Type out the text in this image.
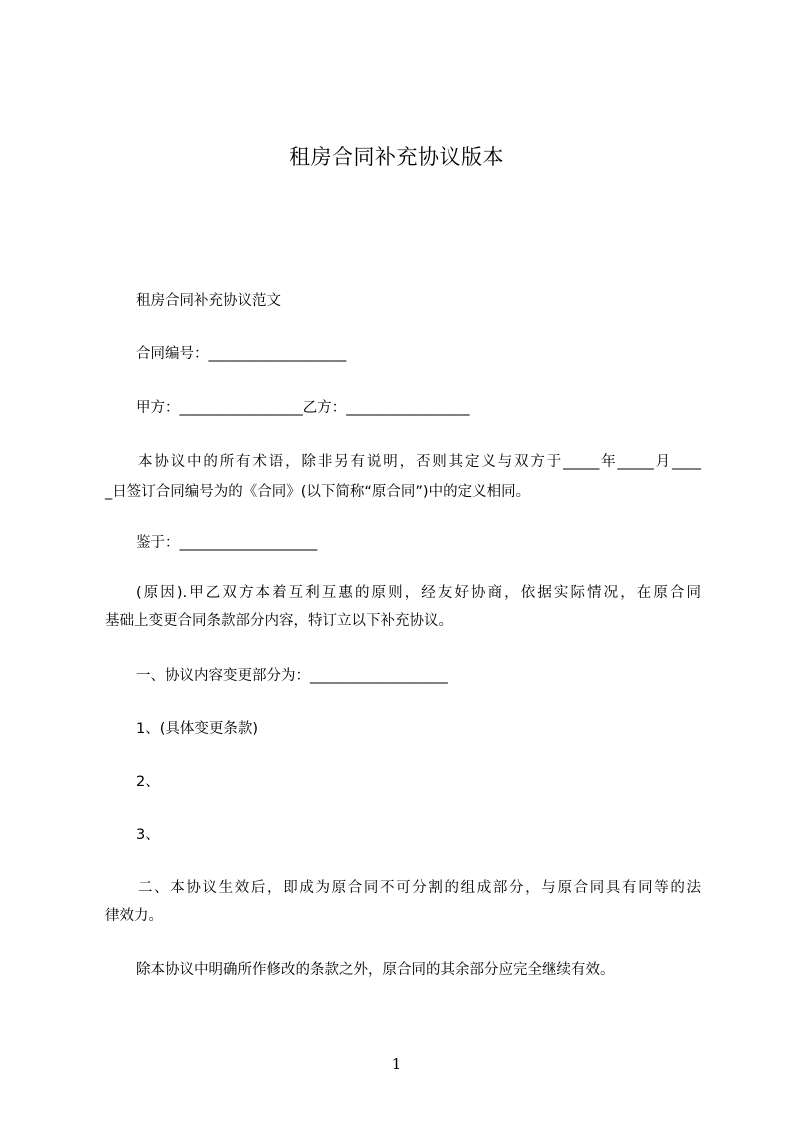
租房合同补充协议版本
租房合同补充协议范文
合同编号：___________________
甲方：_________________乙方：_________________
本协议中的所有术语，除非另有说明，否则其定义与双方于_____年_____月____
_日签订合同编号为的《合同》(以下简称“原合同”)中的定义相同。
鉴于：___________________
(原因).甲乙双方本着互利互惠的原则，经友好协商，依据实际情况，在原合同
基础上变更合同条款部分内容，特订立以下补充协议。
一、协议内容变更部分为：___________________
1、(具体变更条款)
2、
3、
二、本协议生效后，即成为原合同不可分割的组成部分，与原合同具有同等的法
律效力。
除本协议中明确所作修改的条款之外，原合同的其余部分应完全继续有效。
1
